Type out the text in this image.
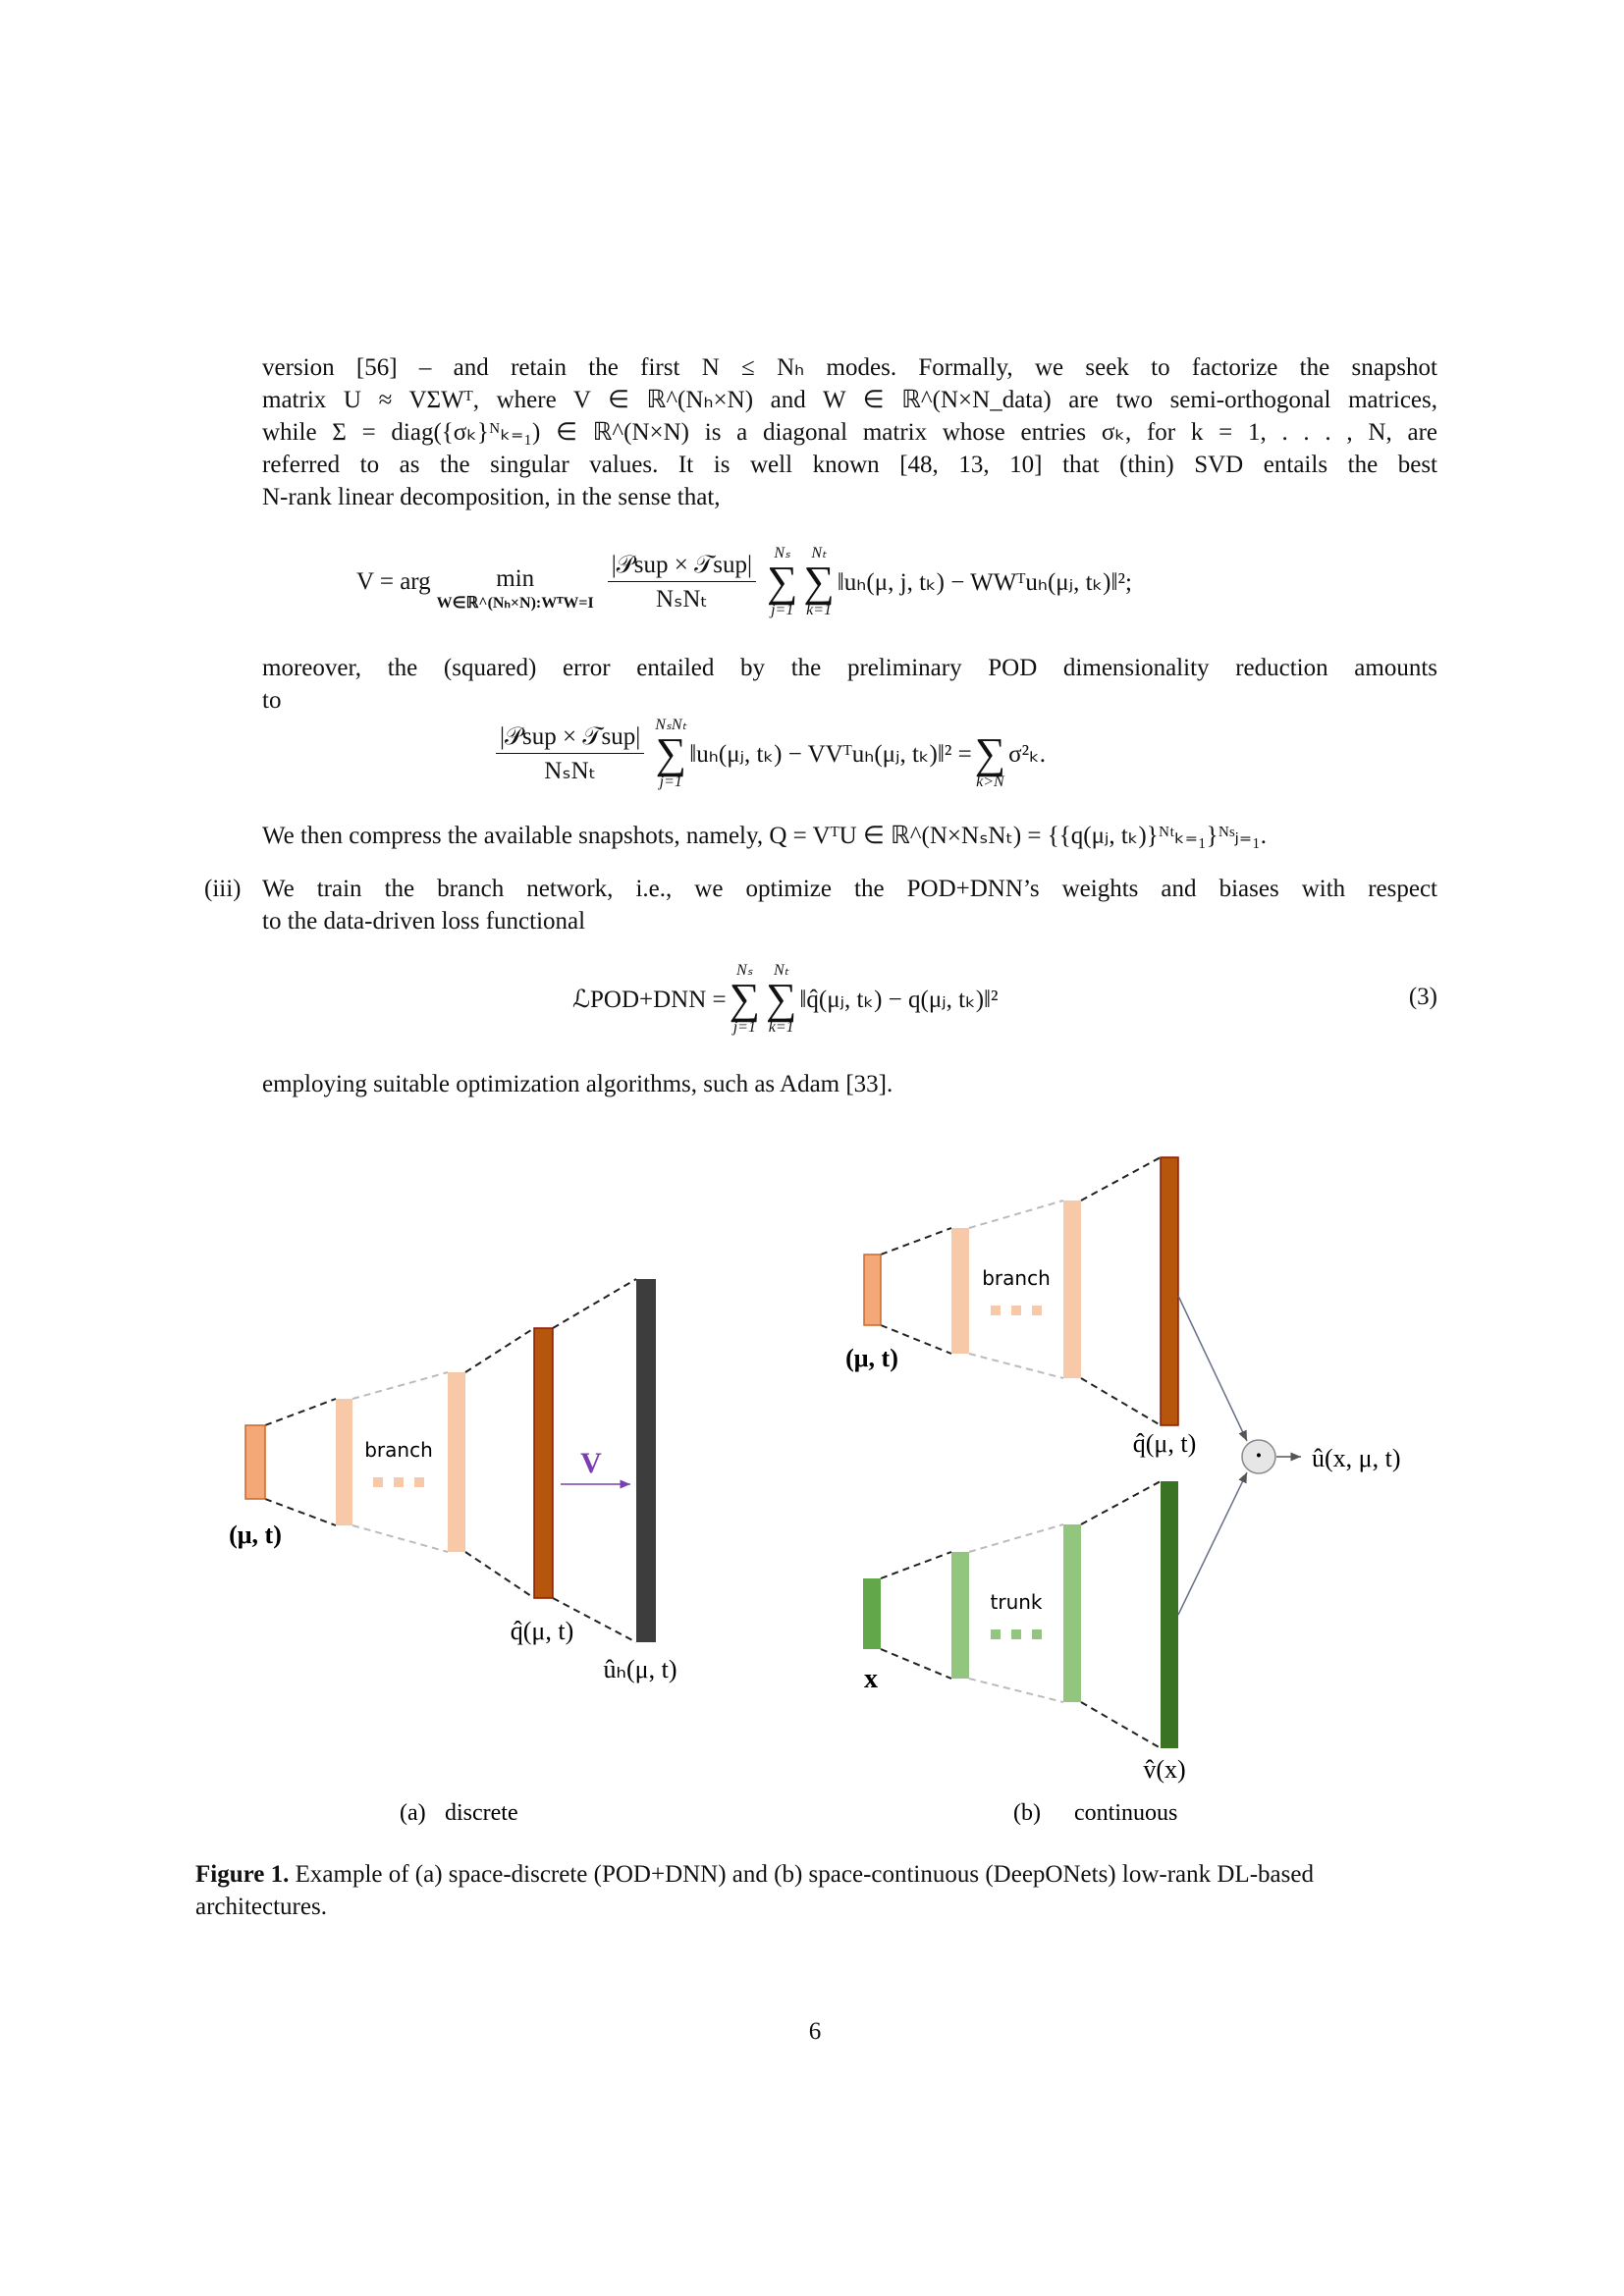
version [56] – and retain the first N ≤ Nₕ modes. Formally, we seek to factorize the snapshot
matrix U ≈ VΣWᵀ, where V ∈ ℝ^(Nₕ×N) and W ∈ ℝ^(N×N_data) are two semi-orthogonal matrices,
while Σ = diag({σₖ}ᴺₖ₌₁) ∈ ℝ^(N×N) is a diagonal matrix whose entries σₖ, for k = 1, . . . , N, are
referred to as the singular values. It is well known [48, 13, 10] that (thin) SVD entails the best
N-rank linear decomposition, in the sense that,
V = arg	min
W∈ℝ^(Nₕ×N):WᵀW=I $\frac{\text{|𝒫sup × 𝒯sup|}}{\text{NₛNₜ}}$ Nₛ
∑
j=1
Nₜ
∑
k=1
‖uₕ(μ, j, tₖ) − WWᵀuₕ(μⱼ, tₖ)‖²;
moreover, the (squared) error entailed by the preliminary POD dimensionality reduction amounts
to
$\frac{\text{|𝒫sup × 𝒯sup|}}{\text{NₛNₜ}}$ NₛNₜ
∑
j=1
‖uₕ(μⱼ, tₖ) − VVᵀuₕ(μⱼ, tₖ)‖² =
∑
k>N
σ²ₖ.
We then compress the available snapshots, namely, Q = VᵀU ∈ ℝ^(N×NₛNₜ) = {{q(μⱼ, tₖ)}ᴺᵗₖ₌₁}ᴺˢⱼ₌₁.
(iii) We train the branch network, i.e., we optimize the POD+DNN’s weights and biases with respect
to the data-driven loss functional
ℒPOD+DNN =
Nₛ
∑
j=1
Nₜ
∑
k=1
‖q̂(μⱼ, tₖ) − q(μⱼ, tₖ)‖²	(3)
employing suitable optimization algorithms, such as Adam [33].
·
(μ, t)
branch	V
q̂(μ, t)
ûₕ(μ, t)
(μ, t)
branch
q̂(μ, t)
x
trunk
v̂(x)
û(x, μ, t)
(a) discrete	(b) continuous
Figure 1. Example of (a) space-discrete (POD+DNN) and (b) space-continuous (DeepONets) low-rank DL-based architectures.
6
